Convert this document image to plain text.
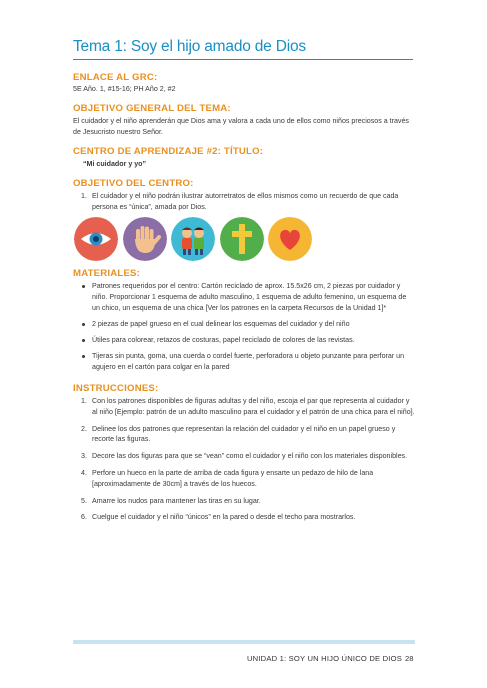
Tema 1: Soy el hijo amado de Dios
ENLACE AL GRC:
5E Año. 1, #15-16; PH Año 2, #2
OBJETIVO GENERAL DEL TEMA:
El cuidador y el niño aprenderán que Dios ama y valora a cada uno de ellos como niños preciosos a través de Jesucristo nuestro Señor.
CENTRO DE APRENDIZAJE #2: TÍTULO:
“Mi cuidador y yo”
OBJETIVO DEL CENTRO:
1. El cuidador y el niño podrán ilustrar autorretratos de ellos mismos como un recuerdo de que cada persona es “única”, amada por Dios.
MATERIALES:
Patrones requeridos por el centro: Cartón reciclado de aprox. 15.5x26 cm, 2 piezas por cuidador y niño. Proporcionar 1 esquema de adulto masculino, 1 esquema de adulto femenino, un esquema de un chico, un esquema de una chica [Ver los patrones en la carpeta Recursos de la Unidad 1]*
2 piezas de papel grueso en el cual delinear los esquemas del cuidador y del niño
Útiles para colorear, retazos de costuras, papel reciclado de colores de las revistas.
Tijeras sin punta, goma, una cuerda o cordel fuerte, perforadora u objeto punzante para perforar un agujero en el cartón para colgar en la pared
INSTRUCCIONES:
1. Con los patrones disponibles de figuras adultas y del niño, escoja el par que representa al cuidador y al niño [Ejemplo: patrón de un adulto masculino para el cuidador y el patrón de una chica para el niño].
2. Delinee los dos patrones que representan la relación del cuidador y el niño en un papel grueso y recorte las figuras.
3. Decore las dos figuras para que se “vean” como el cuidador y el niño con los materiales disponibles.
4. Perfore un hueco en la parte de arriba de cada figura y ensarte un pedazo de hilo de lana [aproximadamente de 30cm] a través de los huecos.
5. Amarre los nudos para mantener las tiras en su lugar.
6. Cuelgue el cuidador y el niño “únicos” en la pared o desde el techo para mostrarlos.
UNIDAD 1: SOY UN HIJO ÚNICO DE DIOS 28
